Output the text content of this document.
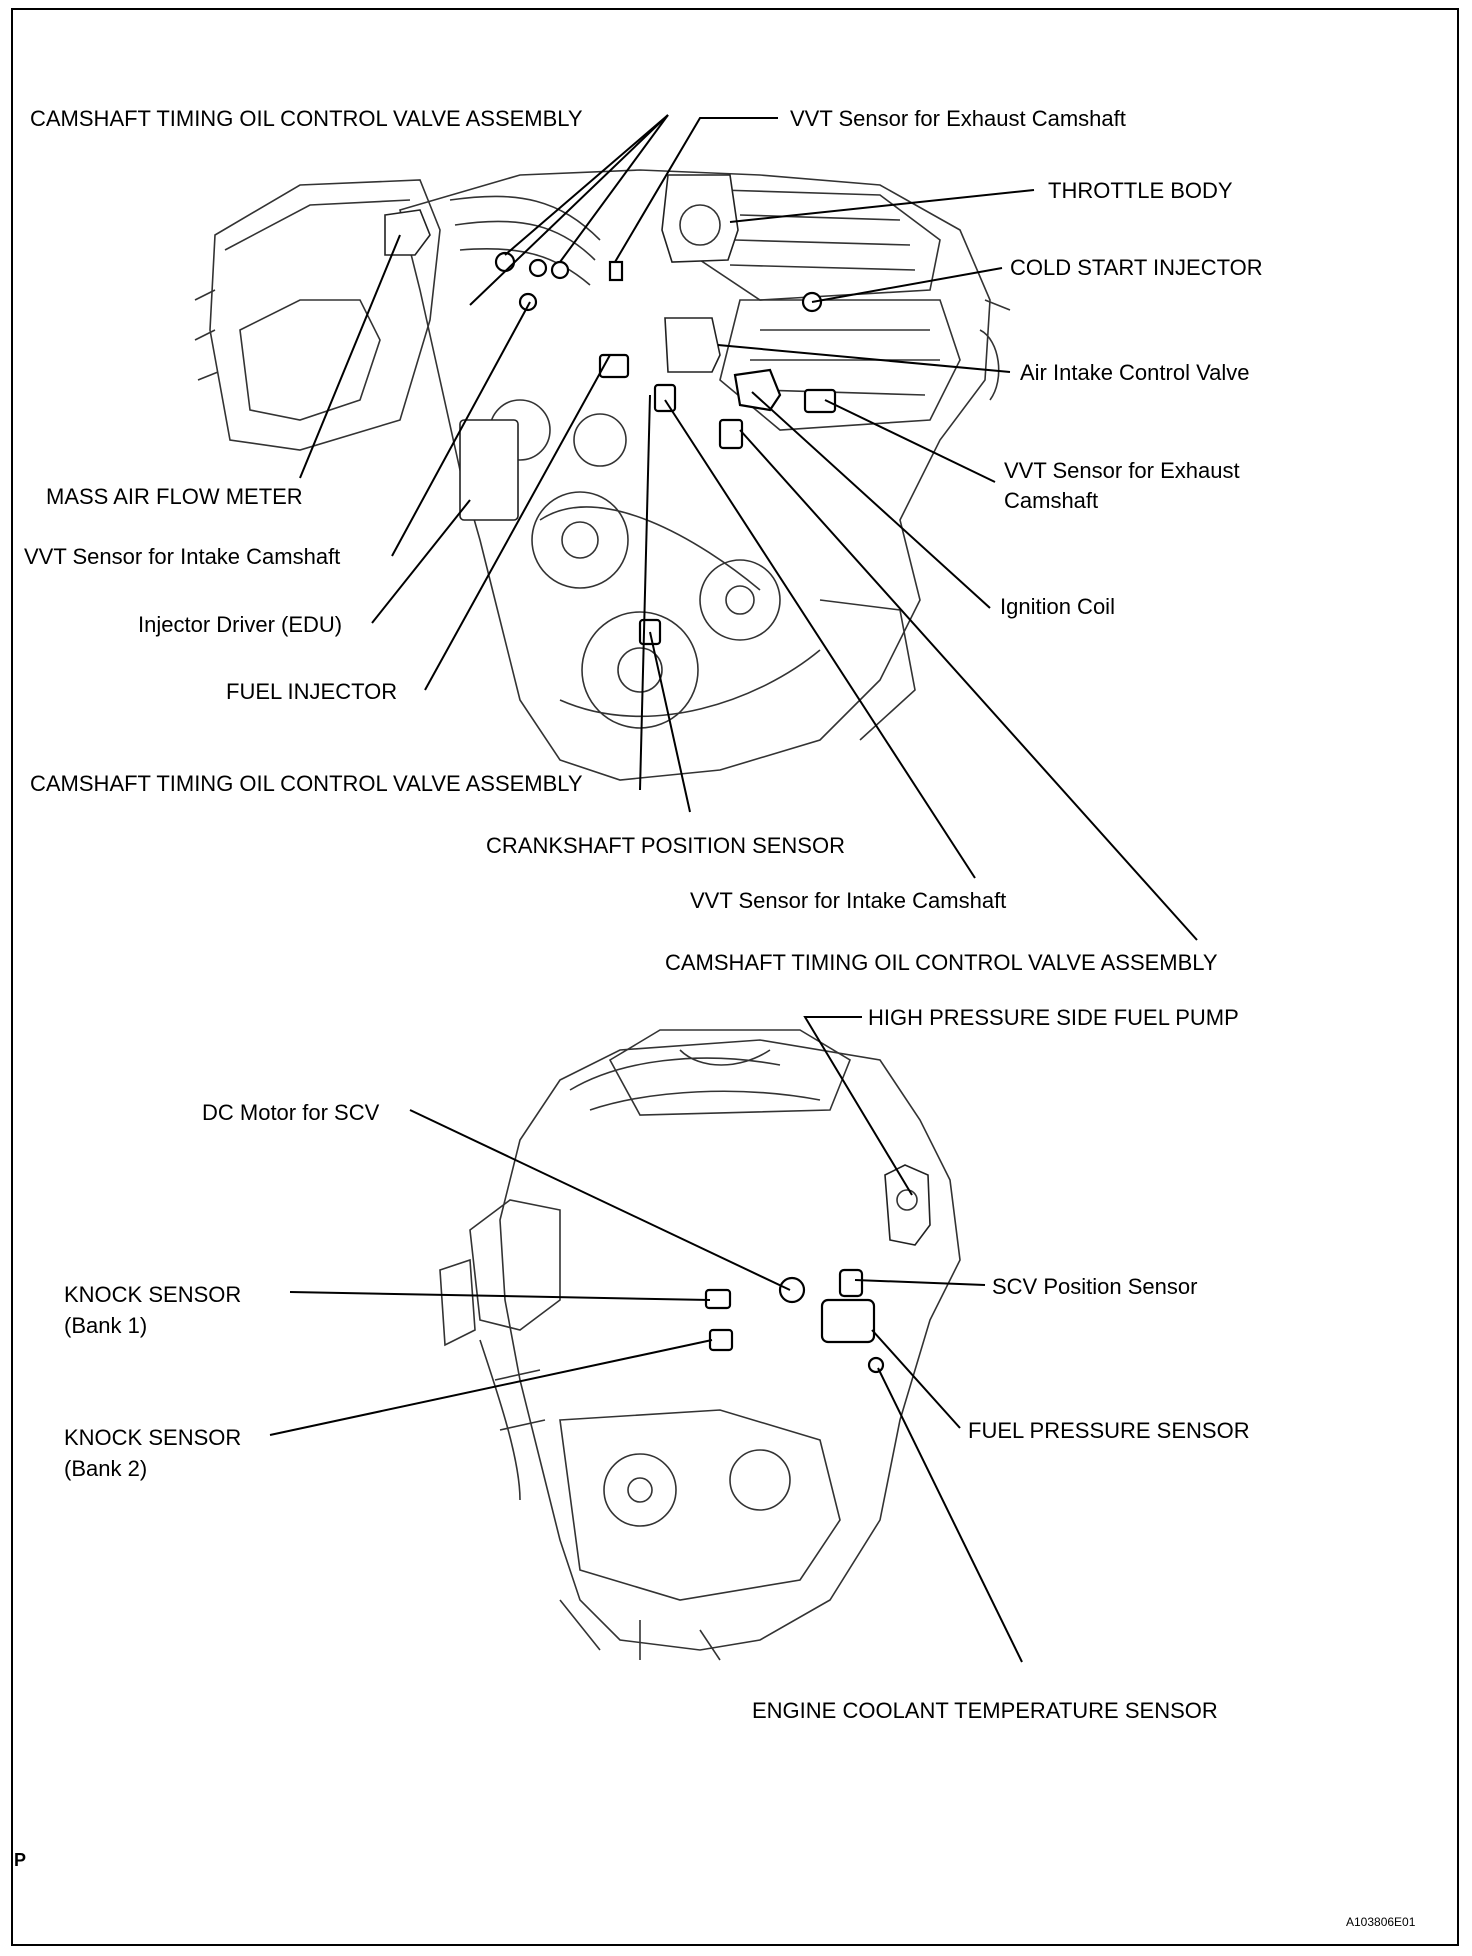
CAMSHAFT TIMING OIL CONTROL VALVE ASSEMBLY	VVT Sensor for Exhaust Camshaft
THROTTLE BODY
COLD START INJECTOR
Air Intake Control Valve
VVT Sensor for Exhaust
Camshaft
MASS AIR FLOW METER
VVT Sensor for Intake Camshaft
Ignition Coil
Injector Driver (EDU)
FUEL INJECTOR
CAMSHAFT TIMING OIL CONTROL VALVE ASSEMBLY
CRANKSHAFT POSITION SENSOR
VVT Sensor for Intake Camshaft
CAMSHAFT TIMING OIL CONTROL VALVE ASSEMBLY
HIGH PRESSURE SIDE FUEL PUMP
DC Motor for SCV
KNOCK SENSOR
(Bank 1)
SCV Position Sensor
KNOCK SENSOR
(Bank 2)
FUEL PRESSURE SENSOR
ENGINE COOLANT TEMPERATURE SENSOR
P
A103806E01
